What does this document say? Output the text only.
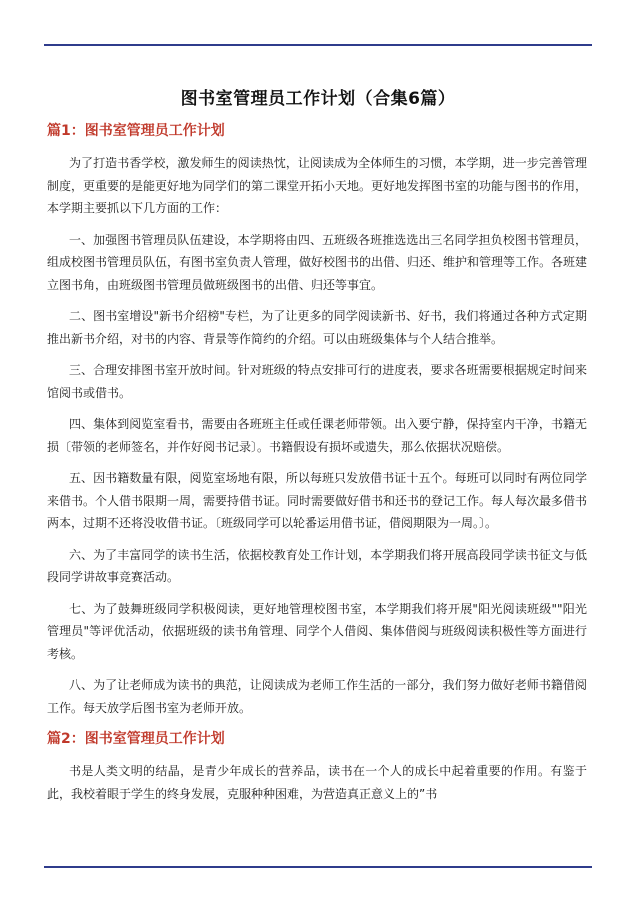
图书室管理员工作计划（合集6篇）
篇1：图书室管理员工作计划

为了打造书香学校，激发师生的阅读热忱，让阅读成为全体师生的习惯，本学期，进一步完善管理制度，更重要的是能更好地为同学们的第二课堂开拓小天地。更好地发挥图书室的功能与图书的作用，本学期主要抓以下几方面的工作：

一、加强图书管理员队伍建设，本学期将由四、五班级各班推选选出三名同学担负校图书管理员，组成校图书管理员队伍，有图书室负责人管理，做好校图书的出借、归还、维护和管理等工作。各班建立图书角，由班级图书管理员做班级图书的出借、归还等事宜。

二、图书室增设"新书介绍榜"专栏，为了让更多的同学阅读新书、好书，我们将通过各种方式定期推出新书介绍，对书的内容、背景等作简约的介绍。可以由班级集体与个人结合推举。

三、合理安排图书室开放时间。针对班级的特点安排可行的进度表，要求各班需要根据规定时间来馆阅书或借书。

四、集体到阅览室看书，需要由各班班主任或任课老师带领。出入要宁静，保持室内干净，书籍无损〔带领的老师签名，并作好阅书记录〕。书籍假设有损坏或遗失，那么依据状况赔偿。

五、因书籍数量有限，阅览室场地有限，所以每班只发放借书证十五个。每班可以同时有两位同学来借书。个人借书限期一周，需要持借书证。同时需要做好借书和还书的登记工作。每人每次最多借书两本，过期不还将没收借书证。〔班级同学可以轮番运用借书证，借阅期限为一周。〕。

六、为了丰富同学的读书生活，依据校教育处工作计划，本学期我们将开展高段同学读书征文与低段同学讲故事竞赛活动。

七、为了鼓舞班级同学积极阅读，更好地管理校图书室，本学期我们将开展"阳光阅读班级""阳光管理员"等评优活动，依据班级的读书角管理、同学个人借阅、集体借阅与班级阅读积极性等方面进行考核。

八、为了让老师成为读书的典范，让阅读成为老师工作生活的一部分，我们努力做好老师书籍借阅工作。每天放学后图书室为老师开放。

篇2：图书室管理员工作计划

书是人类文明的结晶，是青少年成长的营养品，读书在一个人的成长中起着重要的作用。有鉴于此，我校着眼于学生的终身发展，克服种种困难，为营造真正意义上的”书
